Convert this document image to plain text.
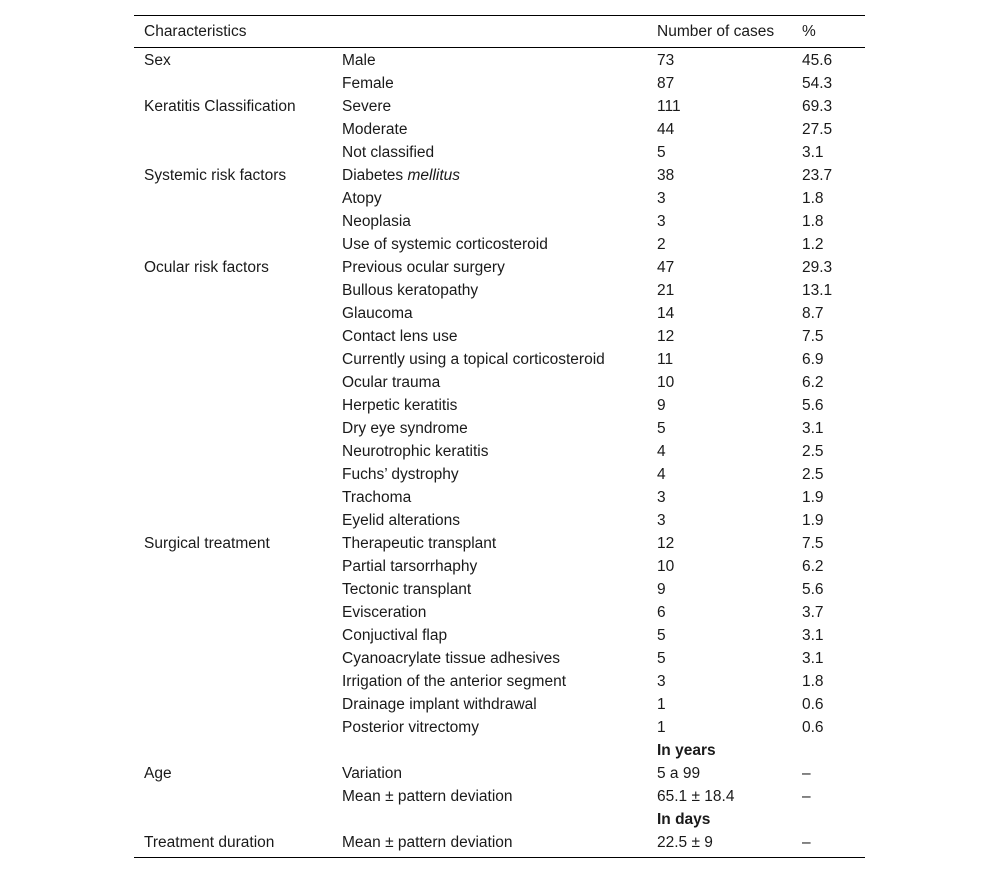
Characteristics		Number of cases	%
Sex	Male	73	45.6
	Female	87	54.3
Keratitis Classification	Severe	111	69.3
	Moderate	44	27.5
	Not classified	5	3.1
Systemic risk factors	Diabetes mellitus	38	23.7
	Atopy	3	1.8
	Neoplasia	3	1.8
	Use of systemic corticosteroid	2	1.2
Ocular risk factors	Previous ocular surgery	47	29.3
	Bullous keratopathy	21	13.1
	Glaucoma	14	8.7
	Contact lens use	12	7.5
	Currently using a topical corticosteroid	11	6.9
	Ocular trauma	10	6.2
	Herpetic keratitis	9	5.6
	Dry eye syndrome	5	3.1
	Neurotrophic keratitis	4	2.5
	Fuchs’ dystrophy	4	2.5
	Trachoma	3	1.9
	Eyelid alterations	3	1.9
Surgical treatment	Therapeutic transplant	12	7.5
	Partial tarsorrhaphy	10	6.2
	Tectonic transplant	9	5.6
	Evisceration	6	3.7
	Conjuctival flap	5	3.1
	Cyanoacrylate tissue adhesives	5	3.1
	Irrigation of the anterior segment	3	1.8
	Drainage implant withdrawal	1	0.6
	Posterior vitrectomy	1	0.6
		In years	
Age	Variation	5 a 99	–
	Mean ± pattern deviation	65.1 ± 18.4	–
		In days	
Treatment duration	Mean ± pattern deviation	22.5 ± 9	–
